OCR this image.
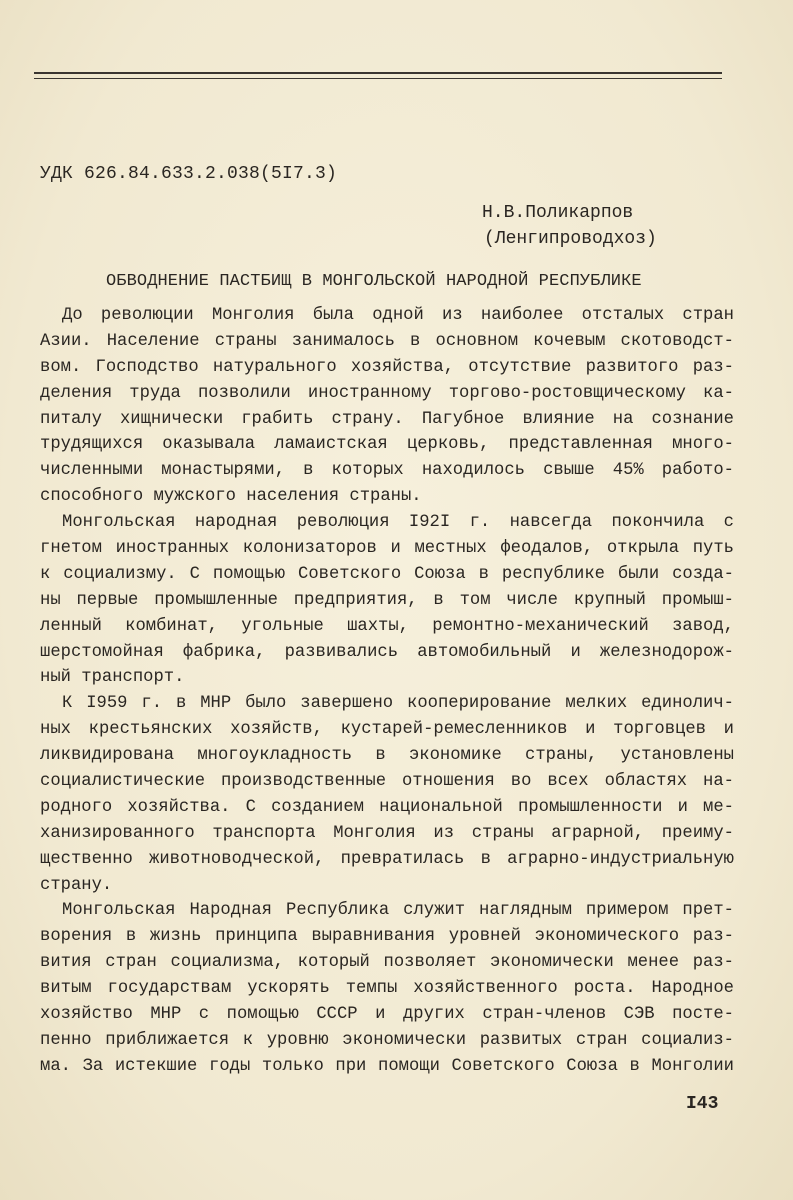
УДК 626.84.633.2.038(5I7.3)
Н.В.Поликарпов
(Ленгипроводхоз)
ОБВОДНЕНИЕ ПАСТБИЩ В МОНГОЛЬСКОЙ НАРОДНОЙ РЕСПУБЛИКЕ
До революции Монголия была одной из наиболее отсталых стран
Азии. Население страны занималось в основном кочевым скотоводст-
вом. Господство натурального хозяйства, отсутствие развитого раз-
деления труда позволили иностранному торгово-ростовщическому ка-
питалу хищнически грабить страну. Пагубное влияние на сознание
трудящихся оказывала ламаистская церковь, представленная много-
численными монастырями, в которых находилось свыше 45% работо-
способного мужского населения страны.
Монгольская народная революция I92I г. навсегда покончила с
гнетом иностранных колонизаторов и местных феодалов, открыла путь
к социализму. С помощью Советского Союза в республике были созда-
ны первые промышленные предприятия, в том числе крупный промыш-
ленный комбинат, угольные шахты, ремонтно-механический завод,
шерстомойная фабрика, развивались автомобильный и железнодорож-
ный транспорт.
К I959 г. в МНР было завершено кооперирование мелких единолич-
ных крестьянских хозяйств, кустарей-ремесленников и торговцев и
ликвидирована многоукладность в экономике страны, установлены
социалистические производственные отношения во всех областях на-
родного хозяйства. С созданием национальной промышленности и ме-
ханизированного транспорта Монголия из страны аграрной, преиму-
щественно животноводческой, превратилась в аграрно-индустриальную
страну.
Монгольская Народная Республика служит наглядным примером прет-
ворения в жизнь принципа выравнивания уровней экономического раз-
вития стран социализма, который позволяет экономически менее раз-
витым государствам ускорять темпы хозяйственного роста. Народное
хозяйство МНР с помощью СССР и других стран-членов СЭВ посте-
пенно приближается к уровню экономически развитых стран социализ-
ма. За истекшие годы только при помощи Советского Союза в Монголии
I43
